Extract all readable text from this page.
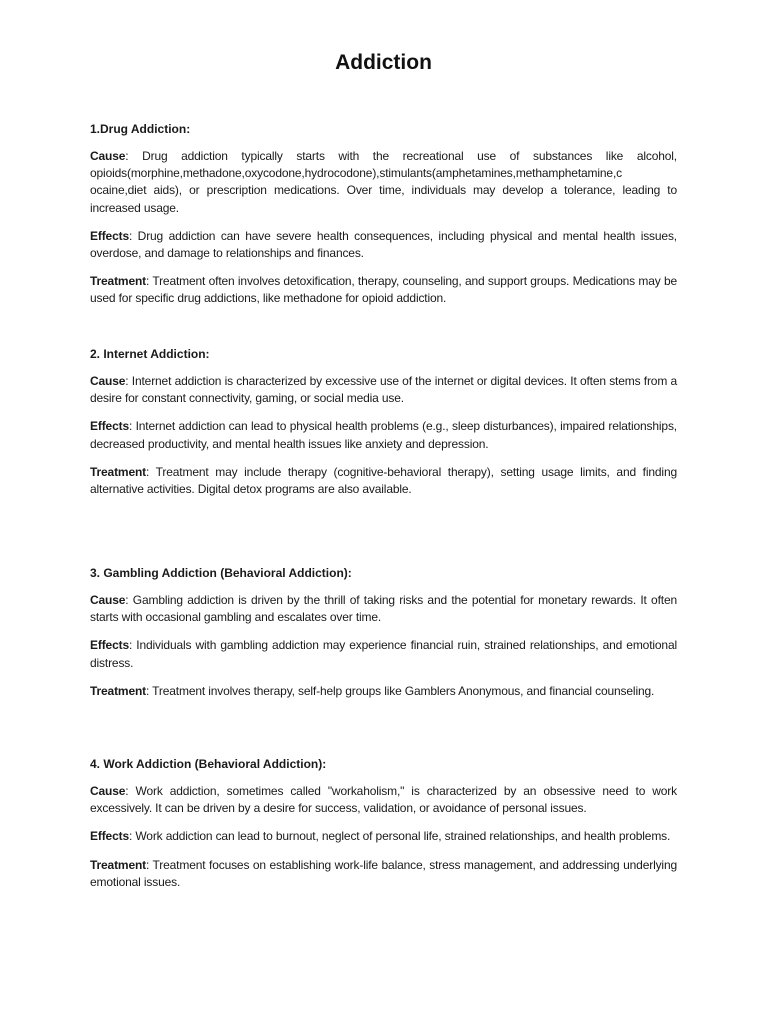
Addiction
1.Drug Addiction:

Cause: Drug addiction typically starts with the recreational use of substances like alcohol, opioids(morphine,methadone,oxycodone,hydrocodone),stimulants(amphetamines,methamphetamine,c ocaine,diet aids), or prescription medications. Over time, individuals may develop a tolerance, leading to increased usage.

Effects: Drug addiction can have severe health consequences, including physical and mental health issues, overdose, and damage to relationships and finances.

Treatment: Treatment often involves detoxification, therapy, counseling, and support groups. Medications may be used for specific drug addictions, like methadone for opioid addiction.

2. Internet Addiction:

Cause: Internet addiction is characterized by excessive use of the internet or digital devices. It often stems from a desire for constant connectivity, gaming, or social media use.

Effects: Internet addiction can lead to physical health problems (e.g., sleep disturbances), impaired relationships, decreased productivity, and mental health issues like anxiety and depression.

Treatment: Treatment may include therapy (cognitive-behavioral therapy), setting usage limits, and finding alternative activities. Digital detox programs are also available.

3. Gambling Addiction (Behavioral Addiction):

Cause: Gambling addiction is driven by the thrill of taking risks and the potential for monetary rewards. It often starts with occasional gambling and escalates over time.

Effects: Individuals with gambling addiction may experience financial ruin, strained relationships, and emotional distress.

Treatment: Treatment involves therapy, self-help groups like Gamblers Anonymous, and financial counseling.

4. Work Addiction (Behavioral Addiction):

Cause: Work addiction, sometimes called "workaholism," is characterized by an obsessive need to work excessively. It can be driven by a desire for success, validation, or avoidance of personal issues.

Effects: Work addiction can lead to burnout, neglect of personal life, strained relationships, and health problems.

Treatment: Treatment focuses on establishing work-life balance, stress management, and addressing underlying emotional issues.
